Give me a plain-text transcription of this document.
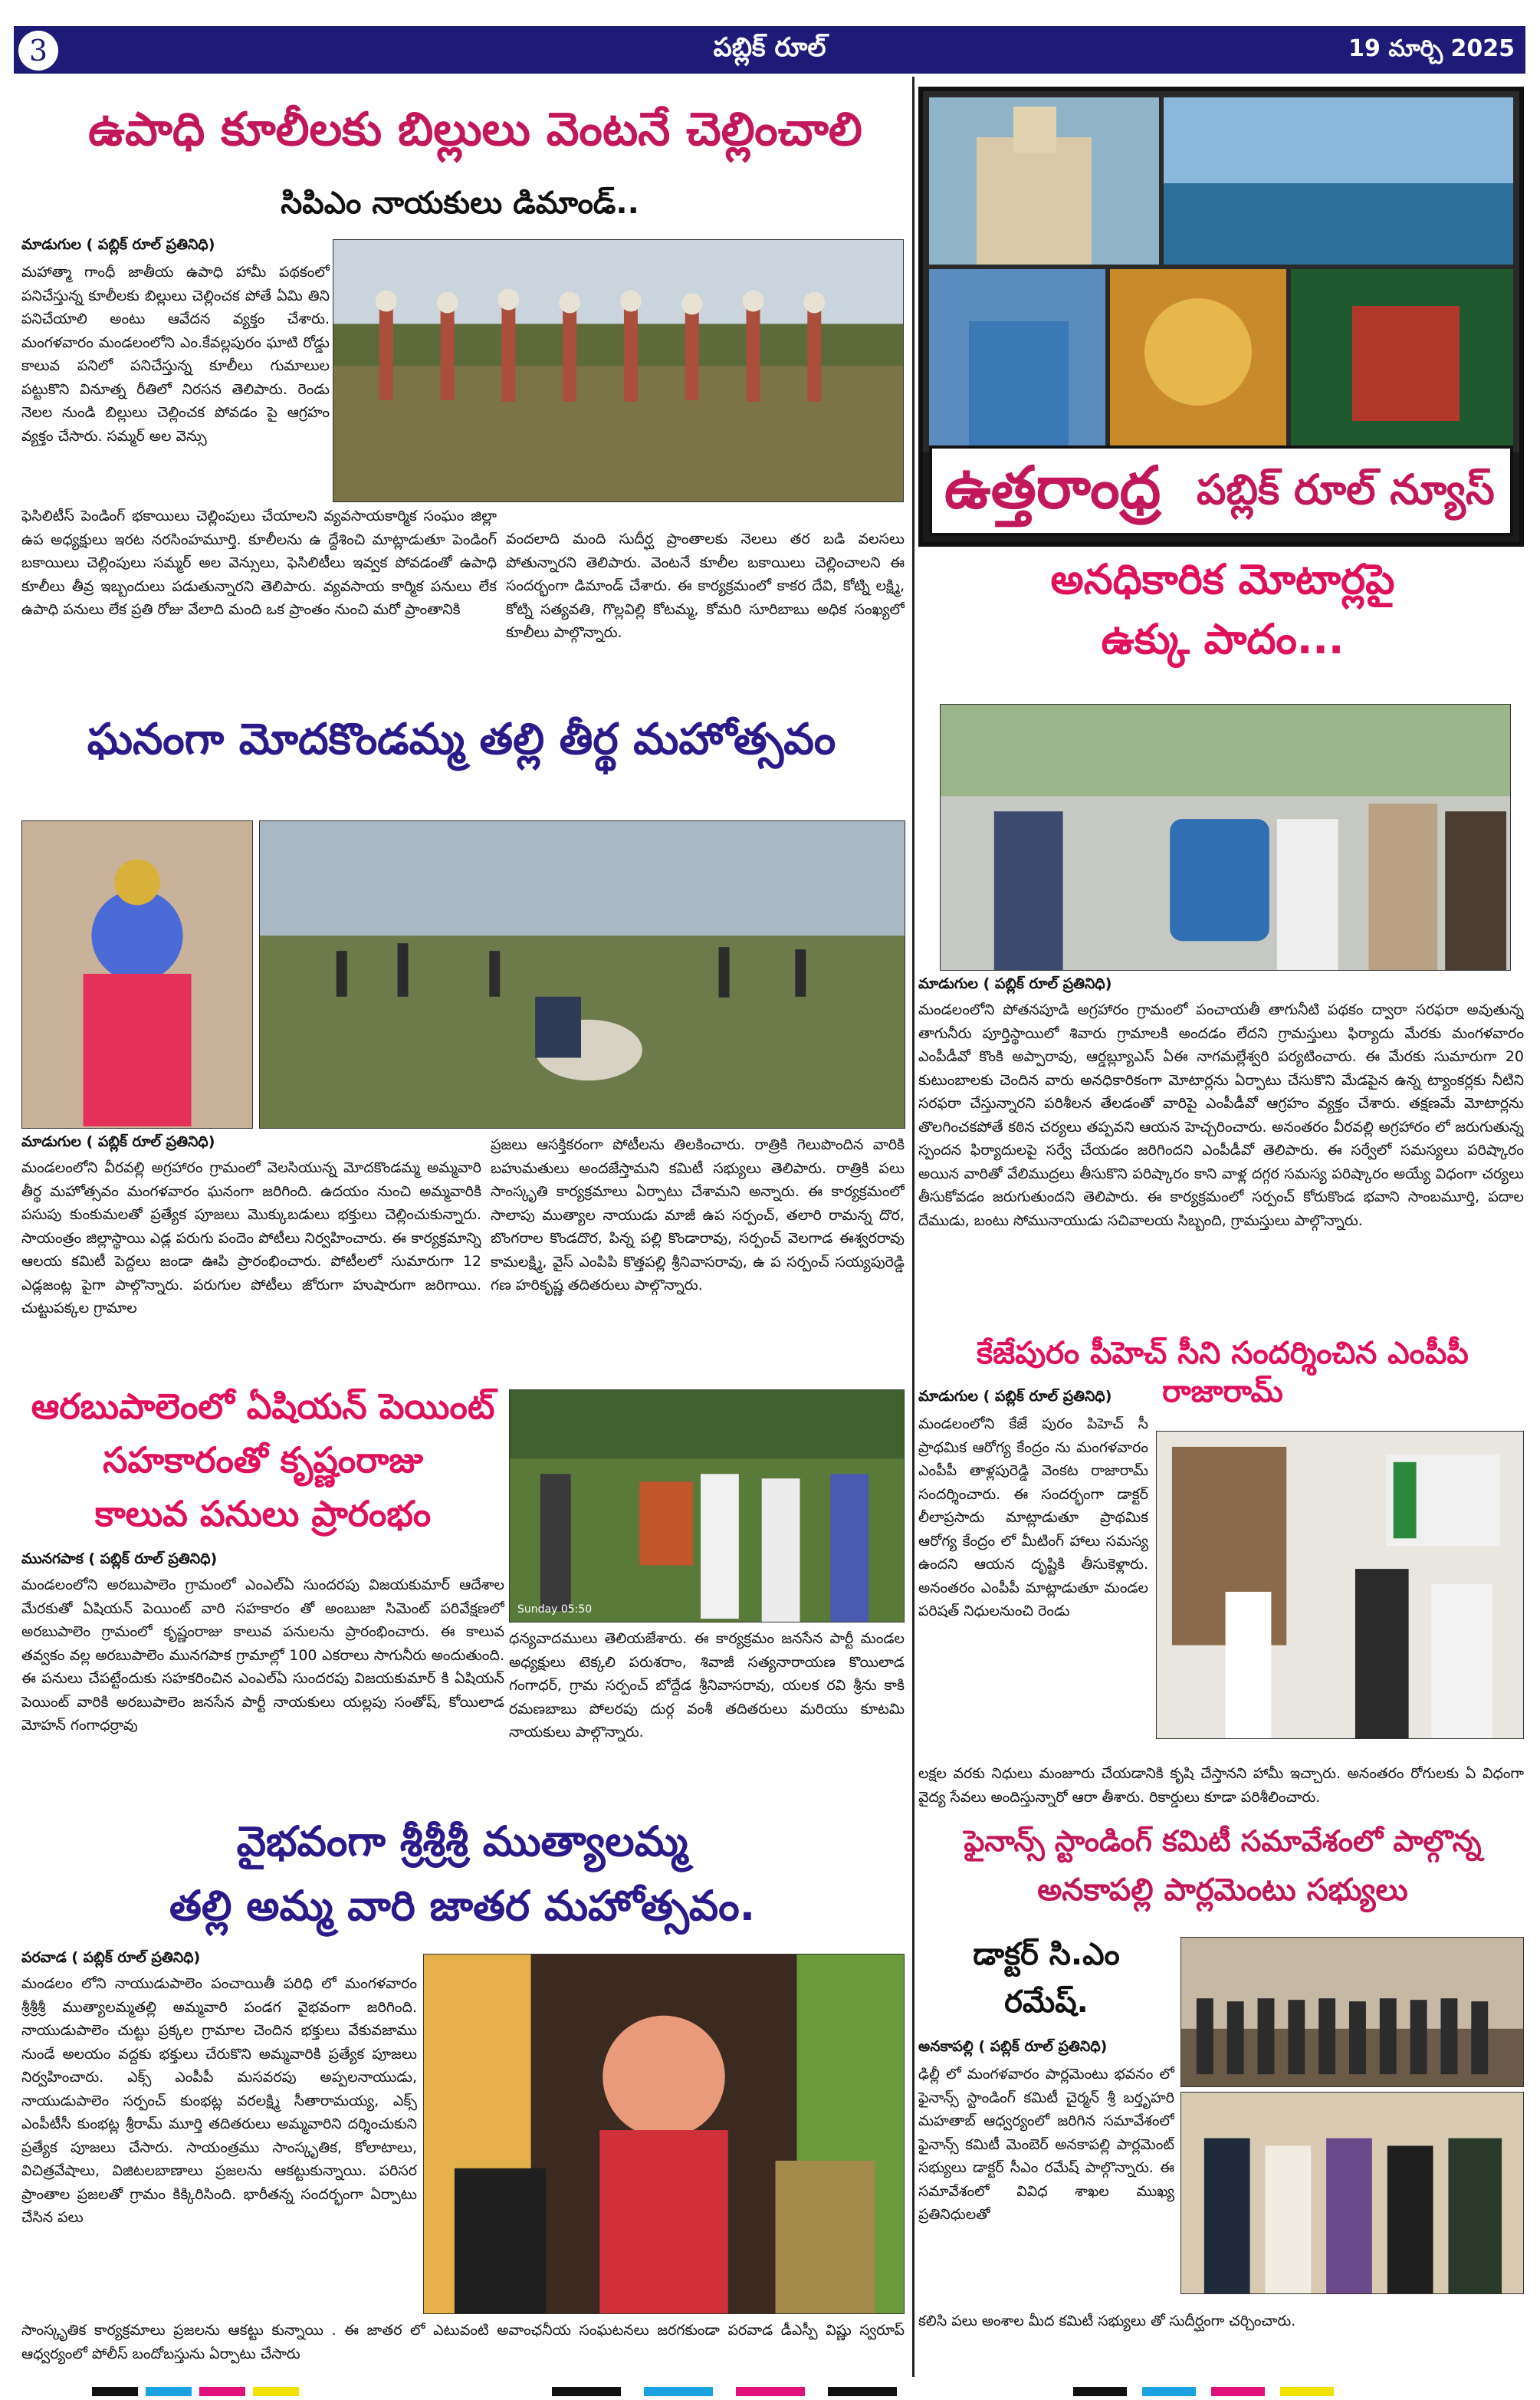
3	పబ్లిక్ రూల్	19 మార్చి 2025
ఉపాధి కూలీలకు బిల్లులు వెంటనే చెల్లించాలి
సిపిఎం నాయకులు డిమాండ్..
మాడుగుల ( పబ్లిక్ రూల్ ప్రతినిధి)
మహాత్మా గాంధీ జాతీయ ఉపాధి హామీ పథకంలో పనిచేస్తున్న కూలీలకు బిల్లులు చెల్లించక పోతే ఏమి తిని పనిచేయాలి అంటు ఆవేదన వ్యక్తం చేశారు. మంగళవారం మండలంలోని ఎం.కేవల్లపురం ఘాటి రోడ్డు కాలువ పనిలో పనిచేస్తున్న కూలీలు గుమాలుల పట్టుకొని వినూత్న రీతిలో నిరసన తెలిపారు. రెండు నెలల నుండి బిల్లులు చెల్లించక పోవడం పై ఆగ్రహం వ్యక్తం చేసారు. సమ్మర్ అల వెన్సు
ఫెసిలిటీస్ పెండింగ్ భకాయిలు చెల్లింపులు చేయాలని వ్యవసాయకార్మిక సంఘం జిల్లా ఉప అధ్యక్షులు ఇరట నరసింహమూర్తి. కూలీలను ఉ ద్దేశించి మాట్లాడుతూ పెండింగ్ బకాయిలు చెల్లింపులు సమ్మర్ అల వెన్సులు, ఫెసిలిటీలు ఇవ్వక పోవడంతో ఉపాధి కూలీలు తీవ్ర ఇబ్బందులు పడుతున్నారని తెలిపారు. వ్యవసాయ కార్మిక పనులు లేక ఉపాధి పనులు లేక ప్రతి రోజు వేలాది మంది ఒక ప్రాంతం నుంచి మరో ప్రాంతానికి
వందలాది మంది సుదీర్ఘ ప్రాంతాలకు నెలలు తర బడి వలసలు పోతున్నారని తెలిపారు. వెంటనే కూలీల బకాయిలు చెల్లించాలని ఈ సందర్భంగా డిమాండ్ చేశారు. ఈ కార్యక్రమంలో కాకర దేవి, కోట్ని లక్ష్మి, కోట్ని సత్యవతి, గొల్లవిల్లి కోటమ్మ, కోమరి సూరిబాబు అధిక సంఖ్యలో కూలీలు పాల్గొన్నారు.
ఉత్తరాంధ్ర పబ్లిక్ రూల్ న్యూస్
అనధికారిక మోటార్లపై
ఉక్కు పాదం...
మాడుగుల ( పబ్లిక్ రూల్ ప్రతినిధి)
మండలంలోని పోతనపూడి అగ్రహారం గ్రామంలో పంచాయతీ తాగునీటి పథకం ద్వారా సరఫరా అవుతున్న తాగునీరు పూర్తిస్థాయిలో శివారు గ్రామాలకి అందడం లేదని గ్రామస్తులు ఫిర్యాదు మేరకు మంగళవారం ఎంపీడీవో కొంకి అప్పారావు, ఆర్డబ్ల్యూఎస్ ఏఈ నాగమల్లేశ్వరి పర్యటించారు. ఈ మేరకు సుమారుగా 20 కుటుంబాలకు చెందిన వారు అనధికారికంగా మోటార్లను ఏర్పాటు చేసుకొని మేడపైన ఉన్న ట్యాంకర్లకు నీటిని సరఫరా చేస్తున్నారని పరిశీలన తేలడంతో వారిపై ఎంపీడీవో ఆగ్రహం వ్యక్తం చేశారు. తక్షణమే మోటార్లను తొలగించకపోతే కఠిన చర్యలు తప్పవని ఆయన హెచ్చరించారు. అనంతరం వీరవల్లి అగ్రహారం లో జరుగుతున్న స్పందన ఫిర్యాదులపై సర్వే చేయడం జరిగిందని ఎంపీడీవో తెలిపారు. ఈ సర్వేలో సమస్యలు పరిష్కారం అయిన వారితో వేలిముద్రలు తీసుకొని పరిష్కారం కాని వాళ్ల దగ్గర సమస్య పరిష్కారం అయ్యే విధంగా చర్యలు తీసుకోవడం జరుగుతుందని తెలిపారు. ఈ కార్యక్రమంలో సర్పంచ్ కోరుకొండ భవాని సాంబమూర్తి, పదాల దేముడు, బంటు సోమునాయుడు సచివాలయ సిబ్బంది, గ్రామస్తులు పాల్గొన్నారు.
ఘనంగా మోదకొండమ్మ తల్లి తీర్థ మహోత్సవం
మాడుగుల ( పబ్లిక్ రూల్ ప్రతినిధి)
మండలంలోని వీరవల్లి అగ్రహారం గ్రామంలో వెలసియున్న మోదకొండమ్మ అమ్మవారి తీర్థ మహోత్సవం మంగళవారం ఘనంగా జరిగింది. ఉదయం నుంచి అమ్మవారికి పసుపు కుంకుమలతో ప్రత్యేక పూజలు మొక్కుబడులు భక్తులు చెల్లించుకున్నారు. సాయంత్రం జిల్లాస్థాయి ఎడ్ల పరుగు పందెం పోటీలు నిర్వహించారు. ఈ కార్యక్రమాన్ని ఆలయ కమిటీ పెద్దలు జండా ఊపి ప్రారంభించారు. పోటీలలో సుమారుగా 12 ఎడ్లజంట్ల పైగా పాల్గొన్నారు. పరుగుల పోటీలు జోరుగా హుషారుగా జరిగాయి. చుట్టుపక్కల గ్రామాల
ప్రజలు ఆసక్తికరంగా పోటీలను తిలకించారు. రాత్రికి గెలుపొందిన వారికి బహుమతులు అందజేస్తామని కమిటీ సభ్యులు తెలిపారు. రాత్రికి పలు సాంస్కృతి కార్యక్రమాలు ఏర్పాటు చేశామని అన్నారు. ఈ కార్యక్రమంలో సాలాపు ముత్యాల నాయుడు మాజీ ఉప సర్పంచ్, తలారి రామన్న దొర, బొంగరాల కొండదొర, పిన్న పల్లి కొండారావు, సర్పంచ్ వెలగాడ ఈశ్వరరావు కామలక్ష్మి, వైస్ ఎంపిపి కొత్తపల్లి శ్రీనివాసరావు, ఉ ప సర్పంచ్ సయ్యపురెడ్డి గణ హరికృష్ణ తదితరులు పాల్గొన్నారు.
కేజేపురం పీహెచ్ సీని సందర్శించిన ఎంపీపీ రాజారామ్
మాడుగుల ( పబ్లిక్ రూల్ ప్రతినిధి)
మండలంలోని కేజే పురం పిహెచ్ సీ ప్రాథమిక ఆరోగ్య కేంద్రం ను మంగళవారం ఎంపీపీ తాళ్లపురెడ్డి వెంకట రాజారామ్ సందర్శించారు. ఈ సందర్భంగా డాక్టర్ లీలాప్రసాదు మాట్లాడుతూ ప్రాథమిక ఆరోగ్య కేంద్రం లో మీటింగ్ హాలు సమస్య ఉందని ఆయన దృష్టికి తీసుకెళ్లారు. అనంతరం ఎంపీపీ మాట్లాడుతూ మండల పరిషత్ నిధులనుంచి రెండు
లక్షల వరకు నిధులు మంజూరు చేయడానికి కృషి చేస్తానని హామీ ఇచ్చారు. అనంతరం రోగులకు ఏ విధంగా వైద్య సేవలు అందిస్తున్నారో ఆరా తీశారు. రికార్డులు కూడా పరిశీలించారు.
ఆరబుపాలెంలో ఏషియన్ పెయింట్
సహకారంతో కృష్ణంరాజు
కాలువ పనులు ప్రారంభం
Sunday 05:50
మునగపాక ( పబ్లిక్ రూల్ ప్రతినిధి)
మండలంలోని అరబుపాలెం గ్రామంలో ఎంఎల్ఏ సుందరపు విజయకుమార్ ఆదేశాల మేరకుతో ఏషియన్ పెయింట్ వారి సహకారం తో అంబుజా సిమెంట్ పరివేక్షణలో అరబుపాలెం గ్రామంలో కృష్ణంరాజు కాలువ పనులను ప్రారంభించారు. ఈ కాలువ తవ్వకం వల్ల అరబుపాలెం మునగపాక గ్రామాల్లో 100 ఎకరాలు సాగునీరు అందుతుంది. ఈ పనులు చేపట్టేందుకు సహకరించిన ఎంఎల్ఏ సుందరపు విజయకుమార్ కి ఏషియన్ పెయింట్ వారికి అరబుపాలెం జనసేన పార్టీ నాయకులు యల్లపు సంతోష్, కోయిలాడ మోహన్ గంగాధర్రావు
ధన్యవాదములు తెలియజేశారు. ఈ కార్యక్రమం జనసేన పార్టీ మండల అధ్యక్షులు టెక్కలి పరుశరాం, శివాజీ సత్యనారాయణ కొయిలాడ గంగాధర్, గ్రామ సర్పంచ్ బోద్దేడ శ్రీనివాసరావు, యలక రవి శ్రీను కాకి రమణబాబు పోలరపు దుర్గ వంశీ తదితరులు మరియు కూటమి నాయకులు పాల్గొన్నారు.
వైభవంగా శ్రీశ్రీశ్రీ ముత్యాలమ్మ
తల్లి అమ్మ వారి జాతర మహోత్సవం.
పరవాడ ( పబ్లిక్ రూల్ ప్రతినిధి)
మండలం లోని నాయుడుపాలెం పంచాయితీ పరిధి లో మంగళవారం శ్రీశ్రీశ్రీ ముత్యాలమ్మతల్లి అమ్మవారి పండగ వైభవంగా జరిగింది. నాయుడుపాలెం చుట్టు ప్రక్కల గ్రామాల చెందిన భక్తులు వేకువజాము నుండే అలయం వద్దకు భక్తులు చేరుకొని అమ్మవారికి ప్రత్యేక పూజలు నిర్వహించారు. ఎక్స్ ఎంపీపీ మసవరపు అప్పలనాయుడు, నాయుడుపాలెం సర్పంచ్ కుంభట్ల వరలక్ష్మి సీతారామయ్య, ఎక్స్ ఎంపీటీసీ కుంభట్ల శ్రీరామ్ మూర్తి తదితరులు అమ్మవారిని దర్శించుకుని ప్రత్యేక పూజలు చేసారు. సాయంత్రము సాంస్కృతిక, కోలాటాలు, విచిత్రవేషాలు, విజిటలబాణాలు ప్రజలను ఆకట్టుకున్నాయి. పరిసర ప్రాంతాల ప్రజలతో గ్రామం కిక్కిరిసింది. భారీతన్న సందర్భంగా ఏర్పాటు చేసిన పలు
సాంస్కృతిక కార్యక్రమాలు ప్రజలను ఆకట్టు కున్నాయి . ఈ జాతర లో ఎటువంటి అవాంఛనీయ సంఘటనలు జరగకుండా పరవాడ డీఎస్పీ విష్ణు స్వరూప్ ఆధ్వర్యంలో పోలీస్ బందోబస్తును ఏర్పాటు చేసారు
ఫైనాన్స్ స్టాండింగ్ కమిటీ సమావేశంలో పాల్గొన్న
అనకాపల్లి పార్లమెంటు సభ్యులు
డాక్టర్ సి.ఎం
రమేష్.
అనకాపల్లి ( పబ్లిక్ రూల్ ప్రతినిధి)
ఢిల్లీ లో మంగళవారం పార్లమెంటు భవనం లో ఫైనాన్స్ స్టాండింగ్ కమిటీ చైర్మన్ శ్రీ బర్తృహరి మహతాబ్ ఆధ్వర్యంలో జరిగిన సమావేశంలో ఫైనాన్స్ కమిటీ మెంబెర్ అనకాపల్లి పార్లమెంట్ సభ్యులు డాక్టర్ సీఎం రమేష్ పాల్గొన్నారు. ఈ సమావేశంలో వివిధ శాఖల ముఖ్య ప్రతినిధులతో
కలిసి పలు అంశాల మీద కమిటీ సభ్యులు తో సుదీర్ఘంగా చర్చించారు.
